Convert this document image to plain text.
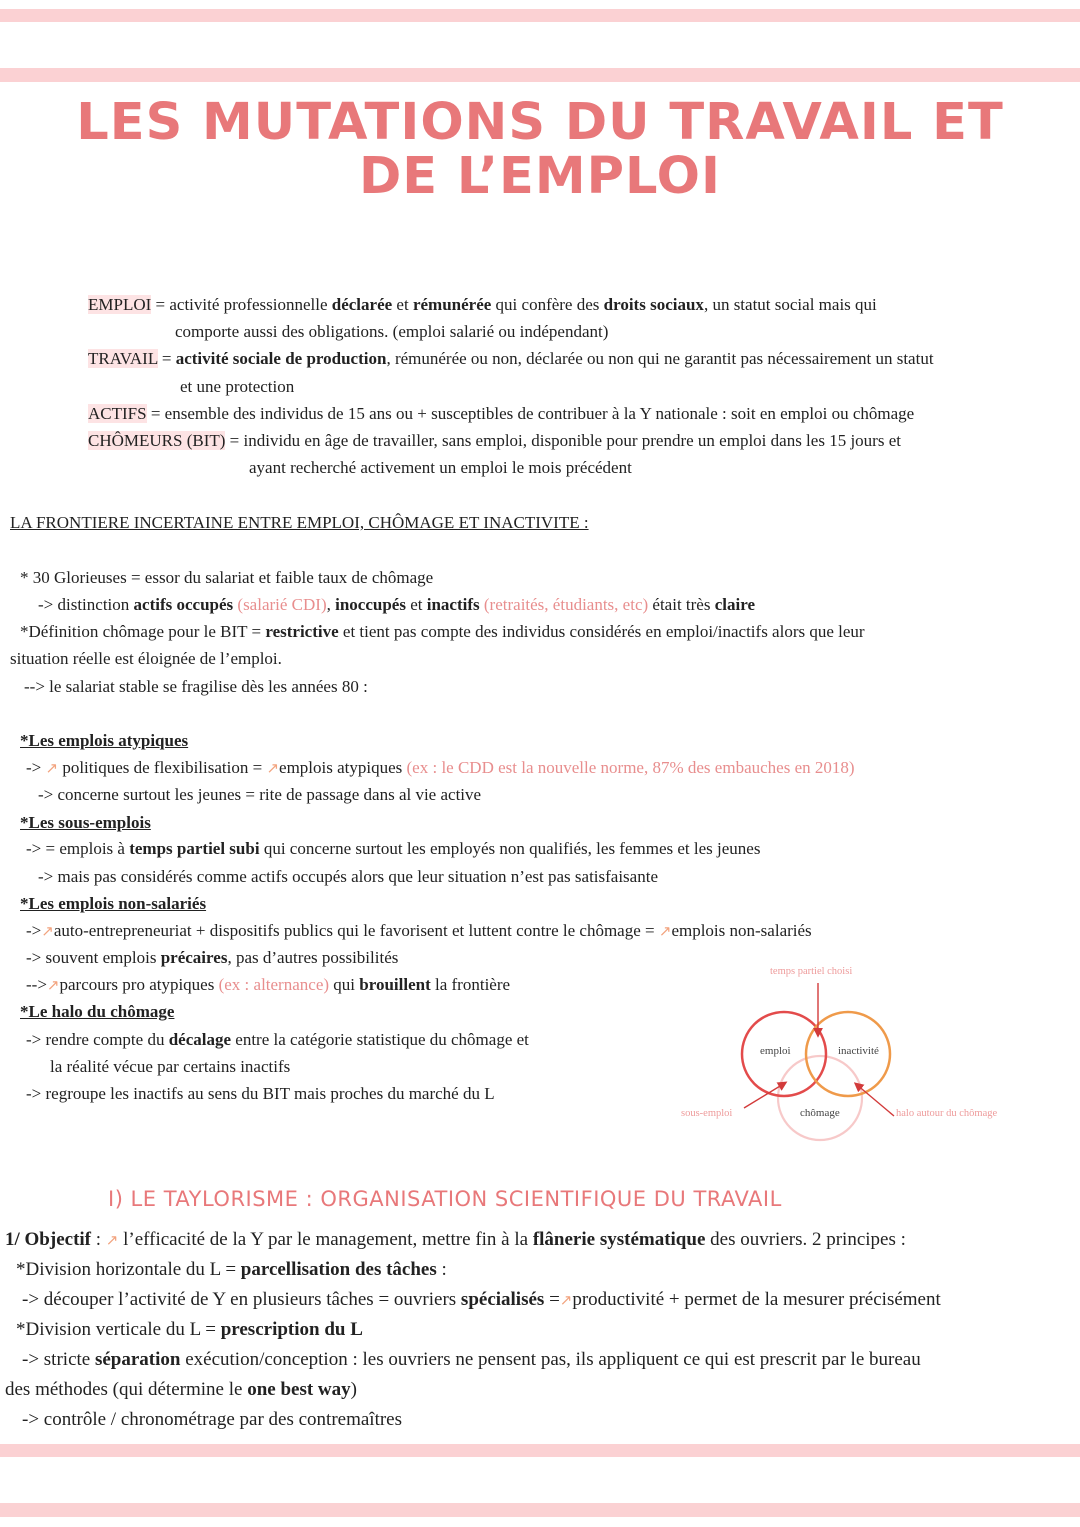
LES MUTATIONS DU TRAVAIL ET
DE L’EMPLOI
EMPLOI = activité professionnelle déclarée et rémunérée qui confère des droits sociaux, un statut social mais qui
comporte aussi des obligations. (emploi salarié ou indépendant)
TRAVAIL = activité sociale de production, rémunérée ou non, déclarée ou non qui ne garantit pas nécessairement un statut
et une protection
ACTIFS = ensemble des individus de 15 ans ou + susceptibles de contribuer à la Y nationale : soit en emploi ou chômage
CHÔMEURS (BIT) = individu en âge de travailler, sans emploi, disponible pour prendre un emploi dans les 15 jours et
ayant recherché activement un emploi le mois précédent
LA FRONTIERE INCERTAINE ENTRE EMPLOI, CHÔMAGE ET INACTIVITE :
* 30 Glorieuses = essor du salariat et faible taux de chômage
-> distinction actifs occupés (salarié CDI), inoccupés et inactifs (retraités, étudiants, etc) était très claire
*Définition chômage pour le BIT = restrictive et tient pas compte des individus considérés en emploi/inactifs alors que leur
situation réelle est éloignée de l’emploi.
--> le salariat stable se fragilise dès les années 80 :
*Les emplois atypiques
-> ↗ politiques de flexibilisation = ↗emplois atypiques (ex : le CDD est la nouvelle norme, 87% des embauches en 2018)
-> concerne surtout les jeunes = rite de passage dans al vie active
*Les sous-emplois
-> = emplois à temps partiel subi qui concerne surtout les employés non qualifiés, les femmes et les jeunes
-> mais pas considérés comme actifs occupés alors que leur situation n’est pas satisfaisante
*Les emplois non-salariés
->↗auto-entrepreneuriat + dispositifs publics qui le favorisent et luttent contre le chômage = ↗emplois non-salariés
-> souvent emplois précaires, pas d’autres possibilités
-->↗parcours pro atypiques (ex : alternance) qui brouillent la frontière
*Le halo du chômage
-> rendre compte du décalage entre la catégorie statistique du chômage et
la réalité vécue par certains inactifs
-> regroupe les inactifs au sens du BIT mais proches du marché du L
temps partiel choisi
emploi	inactivité
chômage
sous-emploi	halo autour du chômage
I) LE TAYLORISME : ORGANISATION SCIENTIFIQUE DU TRAVAIL
1/ Objectif : ↗ l’efficacité de la Y par le management, mettre fin à la flânerie systématique des ouvriers. 2 principes :
*Division horizontale du L = parcellisation des tâches :
-> découper l’activité de Y en plusieurs tâches = ouvriers spécialisés =↗productivité + permet de la mesurer précisément
*Division verticale du L = prescription du L
-> stricte séparation exécution/conception : les ouvriers ne pensent pas, ils appliquent ce qui est prescrit par le bureau
des méthodes (qui détermine le one best way)
-> contrôle / chronométrage par des contremaîtres
